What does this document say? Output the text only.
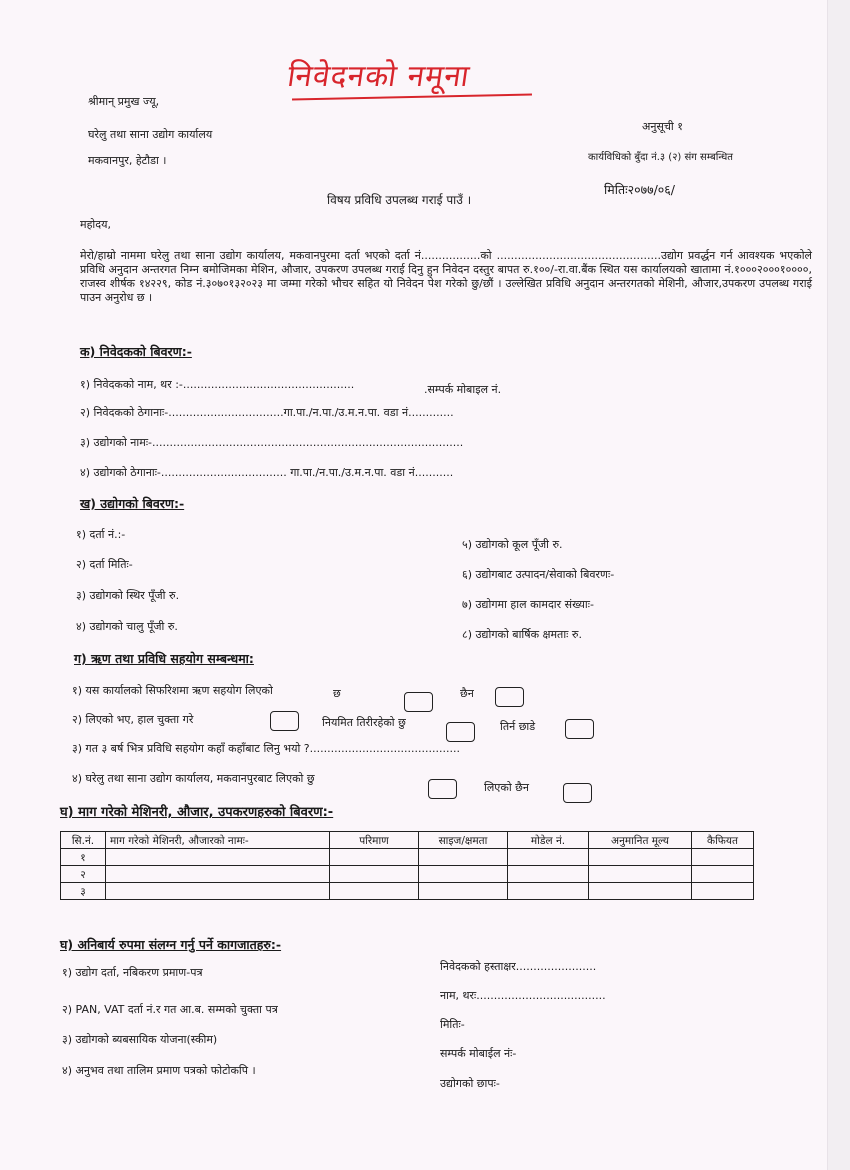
निवेदनको नमूना
श्रीमान् प्रमुख ज्यू,
घरेलु तथा साना उद्योग कार्यालय
मकवानपुर, हेटौडा ।
अनुसूची १
कार्यविधिको बुँदा नं.३ (२) संग सम्बन्धित
मितिः२०७७/०६/
विषय प्रविधि उपलब्ध गराई पाउँ ।
महोदय,
मेरो/हाम्रो नाममा घरेलु तथा साना उद्योग कार्यालय, मकवानपुरमा दर्ता भएको दर्ता नं.................को ...............................................उद्योग प्रवर्द्धन गर्न आवश्यक भएकोले प्रविधि अनुदान अन्तरगत निम्न बमोजिमका मेशिन, औजार, उपकरण उपलब्ध गराई दिनु हुन निवेदन दस्तुर बापत रु.१००/-रा.वा.बैंक स्थित यस कार्यालयको खातामा नं.१०००२०००१००००, राजस्व शीर्षक १४२२९, कोड नं.३०७०१३२०२३ मा जम्मा गरेको भौचर सहित यो निवेदन पेश गरेको छु/छौं । उल्लेखित प्रविधि अनुदान अन्तरगतको मेशिनी, औजार,उपकरण उपलब्ध गराई पाउन अनुरोध छ ।
क) निवेदकको बिवरण:-
१) निवेदकको नाम, थर :-.................................................	.सम्पर्क मोबाइल नं.
२) निवेदकको ठेगानाः-.................................गा.पा./न.पा./उ.म.न.पा. वडा नं.............
३) उद्योगको नामः-.........................................................................................
४) उद्योगको ठेगानाः-.................................... गा.पा./न.पा./उ.म.न.पा. वडा नं...........
ख) उद्योगको बिवरण:-
१) दर्ता नं.:-
२) दर्ता मितिः-
३) उद्योगको स्थिर पूँजी रु.
४) उद्योगको चालु पूँजी रु.
५) उद्योगको कूल पूँजी रु.
६) उद्योगबाट उत्पादन/सेवाको बिवरणः-
७) उद्योगमा हाल कामदार संख्याः-
८) उद्योगको बार्षिक क्षमताः रु.
ग) ऋण तथा प्रविधि सहयोग सम्बन्धमा:
१) यस कार्यालको सिफरिशमा ऋण सहयोग लिएको	छ	छैन
२) लिएको भए, हाल चुक्ता गरे	नियमित तिरीरहेको छु	तिर्न छाडे
३) गत ३ बर्ष भित्र प्रविधि सहयोग कहाँ कहाँबाट लिनु भयो ?...........................................
४) घरेलु तथा साना उद्योग कार्यालय, मकवानपुरबाट लिएको छु
लिएको छैन
घ) माग गरेको मेशिनरी, औजार, उपकरणहरुको बिवरण:-
सि.नं.	माग गरेको मेशिनरी, औजारको नामः-	परिमाण	साइज/क्षमता	मोडेल नं.	अनुमानित मूल्य	कैफियत
१						
२						
३						
घ) अनिबार्य रुपमा संलग्न गर्नु पर्ने कागजातहरु:-
१) उद्योग दर्ता, नबिकरण प्रमाण-पत्र
२) PAN, VAT दर्ता नं.र गत आ.ब. सम्मको चुक्ता पत्र
३) उद्योगको ब्यबसायिक योजना(स्कीम)
४) अनुभव तथा तालिम प्रमाण पत्रको फोटोकपि ।
निवेदकको हस्ताक्षर.......................
नाम, थरः.....................................
मितिः-
सम्पर्क मोबाईल नंः-
उद्योगको छापः-
